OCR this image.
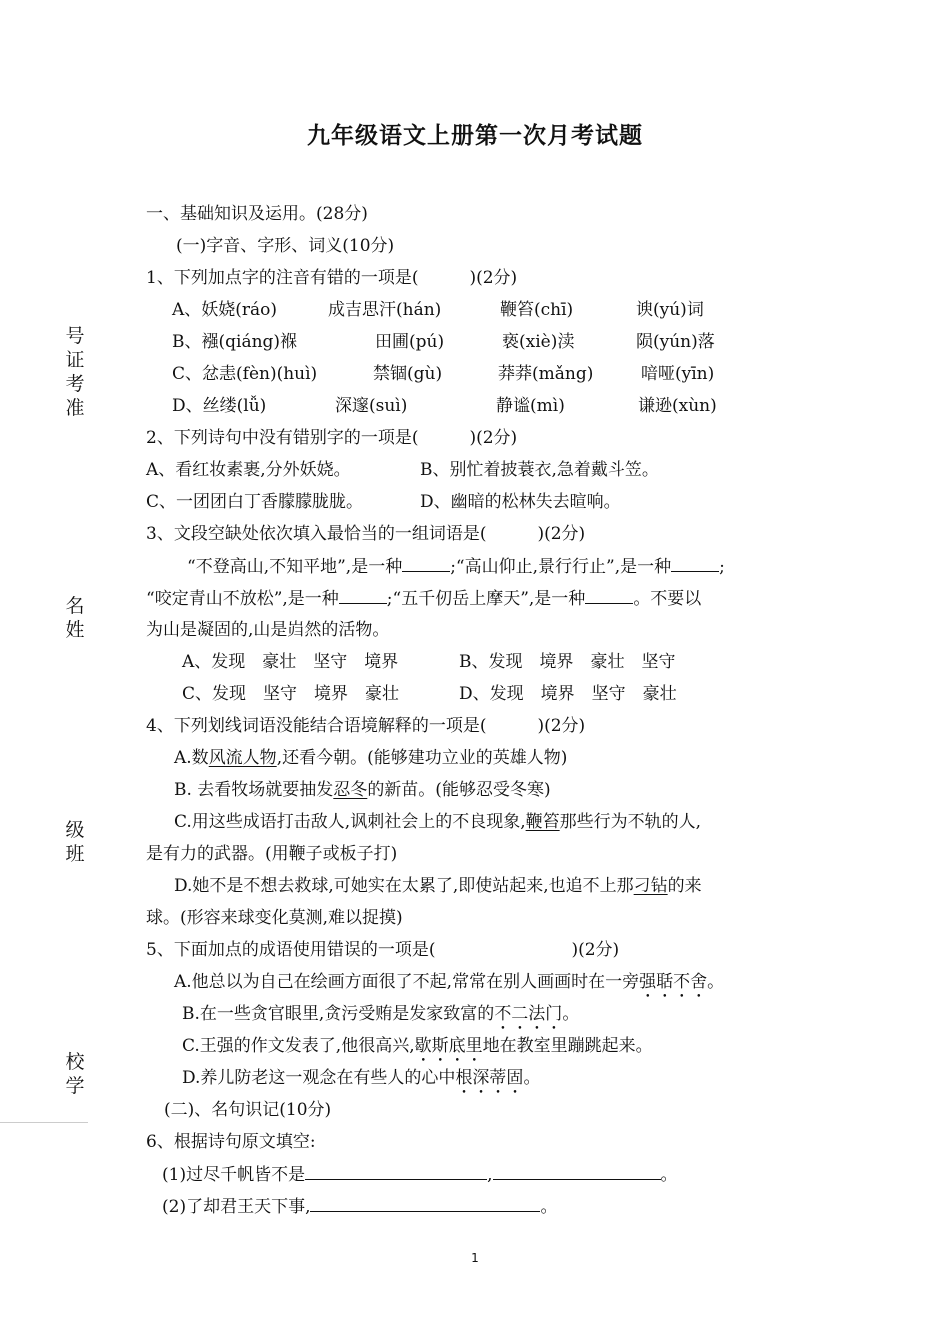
九年级语文上册第一次月考试题
号
证
考
准
名
姓
级
班
校
学
一、基础知识及运用。(28分)
(一)字音、字形、词义(10分)
1、下列加点字的注音有错的一项是(　　　)(2分)
A、妖娆(ráo)	成吉思汗(hán)	鞭笞(chī)	谀(yú)词
B、襁(qiáng)褓	田圃(pú)	亵(xiè)渎	陨(yún)落
C、忿恚(fèn)(huì)	禁锢(gù)	莽莽(mǎng)	喑哑(yīn)
D、丝缕(lǚ)	深邃(suì)	静谧(mì)	谦逊(xùn)
2、下列诗句中没有错别字的一项是(　　　)(2分)
A、看红妆素裹,分外妖娆。	B、别忙着披蓑衣,急着戴斗笠。
C、一团团白丁香朦朦胧胧。	D、幽暗的松林失去暄响。
3、文段空缺处依次填入最恰当的一组词语是(　　　)(2分)
“不登高山,不知平地”,是一种	;“高山仰止,景行行止”,是一种	;
“咬定青山不放松”,是一种	;“五千仞岳上摩天”,是一种	。不要以
为山是凝固的,山是岿然的活物。
A、发现　豪壮　坚守　境界	B、发现　境界　豪壮　坚守
C、发现　坚守　境界　豪壮	D、发现　境界　坚守　豪壮
4、下列划线词语没能结合语境解释的一项是(　　　)(2分)
A.数风流人物,还看今朝。(能够建功立业的英雄人物)
B. 去看牧场就要抽发忍冬的新苗。(能够忍受冬寒)
C.用这些成语打击敌人,讽刺社会上的不良现象,鞭笞那些行为不轨的人,
是有力的武器。(用鞭子或板子打)
D.她不是不想去救球,可她实在太累了,即使站起来,也追不上那刁钻的来
球。(形容来球变化莫测,难以捉摸)
5、下面加点的成语使用错误的一项是(　　　　　　　　)(2分)
A.他总以为自己在绘画方面很了不起,常常在别人画画时在一旁强聒不舍。
B.在一些贪官眼里,贪污受贿是发家致富的不二法门。
C.王强的作文发表了,他很高兴,歇斯底里地在教室里蹦跳起来。
D.养儿防老这一观念在有些人的心中根深蒂固。
(二)、名句识记(10分)
6、根据诗句原文填空:
(1)过尽千帆皆不是	,	。
(2)了却君王天下事,	。
1
